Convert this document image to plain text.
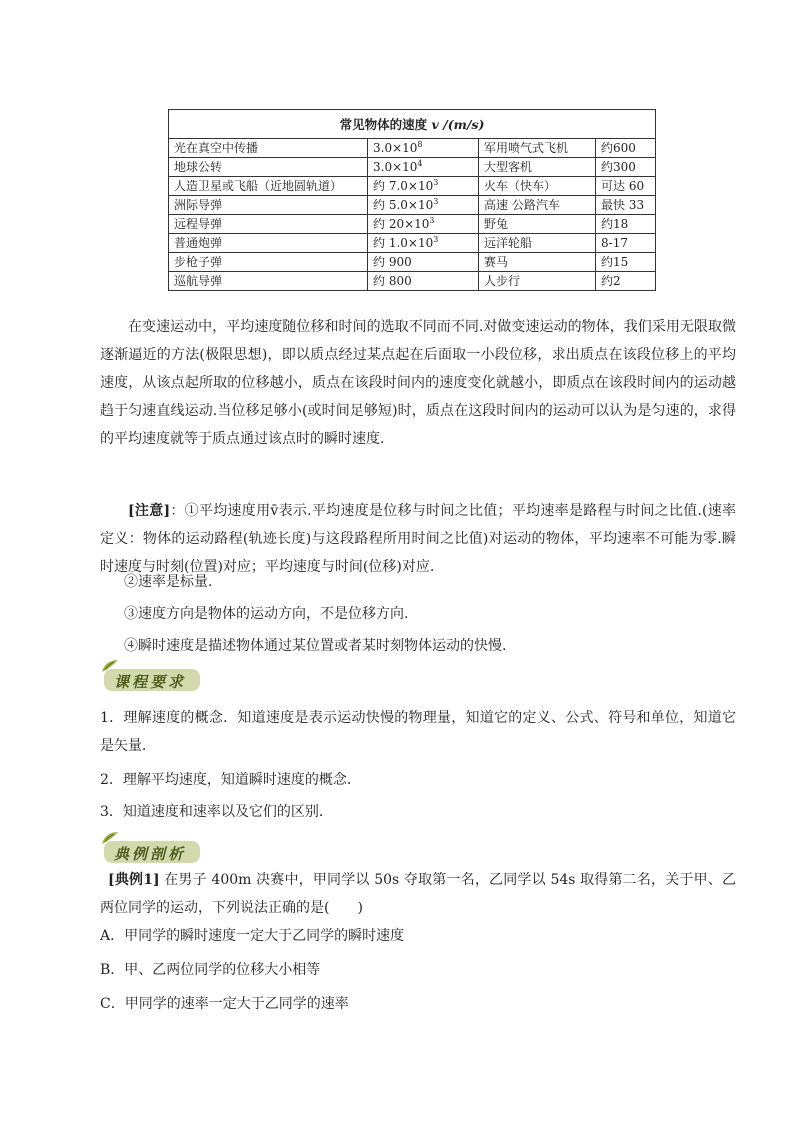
常见物体的速度 v /(m/s)			
光在真空中传播	$3.0\times 10^8$	军用喷气式飞机	约600
地球公转	$3.0\times 10^4$	大型客机	约300
人造卫星或飞船（近地圆轨道）	约 $7.0\times 10^3$	火车（快车）	可达 60
洲际导弹	约 $5.0\times 10^3$	高速 公路汽车	最快 33
远程导弹	约 $20\times 10^3$	野兔	约18
普通炮弹	约 $1.0\times 10^3$	远洋轮船	8-17
步枪子弹	约 900	赛马	约15
巡航导弹	约 800	人步行	约2

在变速运动中，平均速度随位移和时间的选取不同而不同.对做变速运动的物体，我们采用无限取微逐渐逼近的方法(极限思想)，即以质点经过某点起在后面取一小段位移，求出质点在该段位移上的平均速度，从该点起所取的位移越小，质点在该段时间内的速度变化就越小，即质点在该段时间内的运动越趋于匀速直线运动.当位移足够小(或时间足够短)时，质点在这段时间内的运动可以认为是匀速的，求得的平均速度就等于质点通过该点时的瞬时速度.

[注意]：①平均速度用v̄表示.平均速度是位移与时间之比值；平均速率是路程与时间之比值.(速率定义：物体的运动路程(轨迹长度)与这段路程所用时间之比值)对运动的物体，平均速率不可能为零.瞬时速度与时刻(位置)对应；平均速度与时间(位移)对应.

②速率是标量.

③速度方向是物体的运动方向，不是位移方向.

④瞬时速度是描述物体通过某位置或者某时刻物体运动的快慢.

课程要求

1．理解速度的概念．知道速度是表示运动快慢的物理量，知道它的定义、公式、符号和单位，知道它是矢量．

2．理解平均速度，知道瞬时速度的概念．

3．知道速度和速率以及它们的区别．

典例剖析

[典例1] 在男子 400m 决赛中，甲同学以 50s 夺取第一名，乙同学以 54s 取得第二名，关于甲、乙两位同学的运动，下列说法正确的是(　　)

A．甲同学的瞬时速度一定大于乙同学的瞬时速度

B．甲、乙两位同学的位移大小相等

C．甲同学的速率一定大于乙同学的速率
